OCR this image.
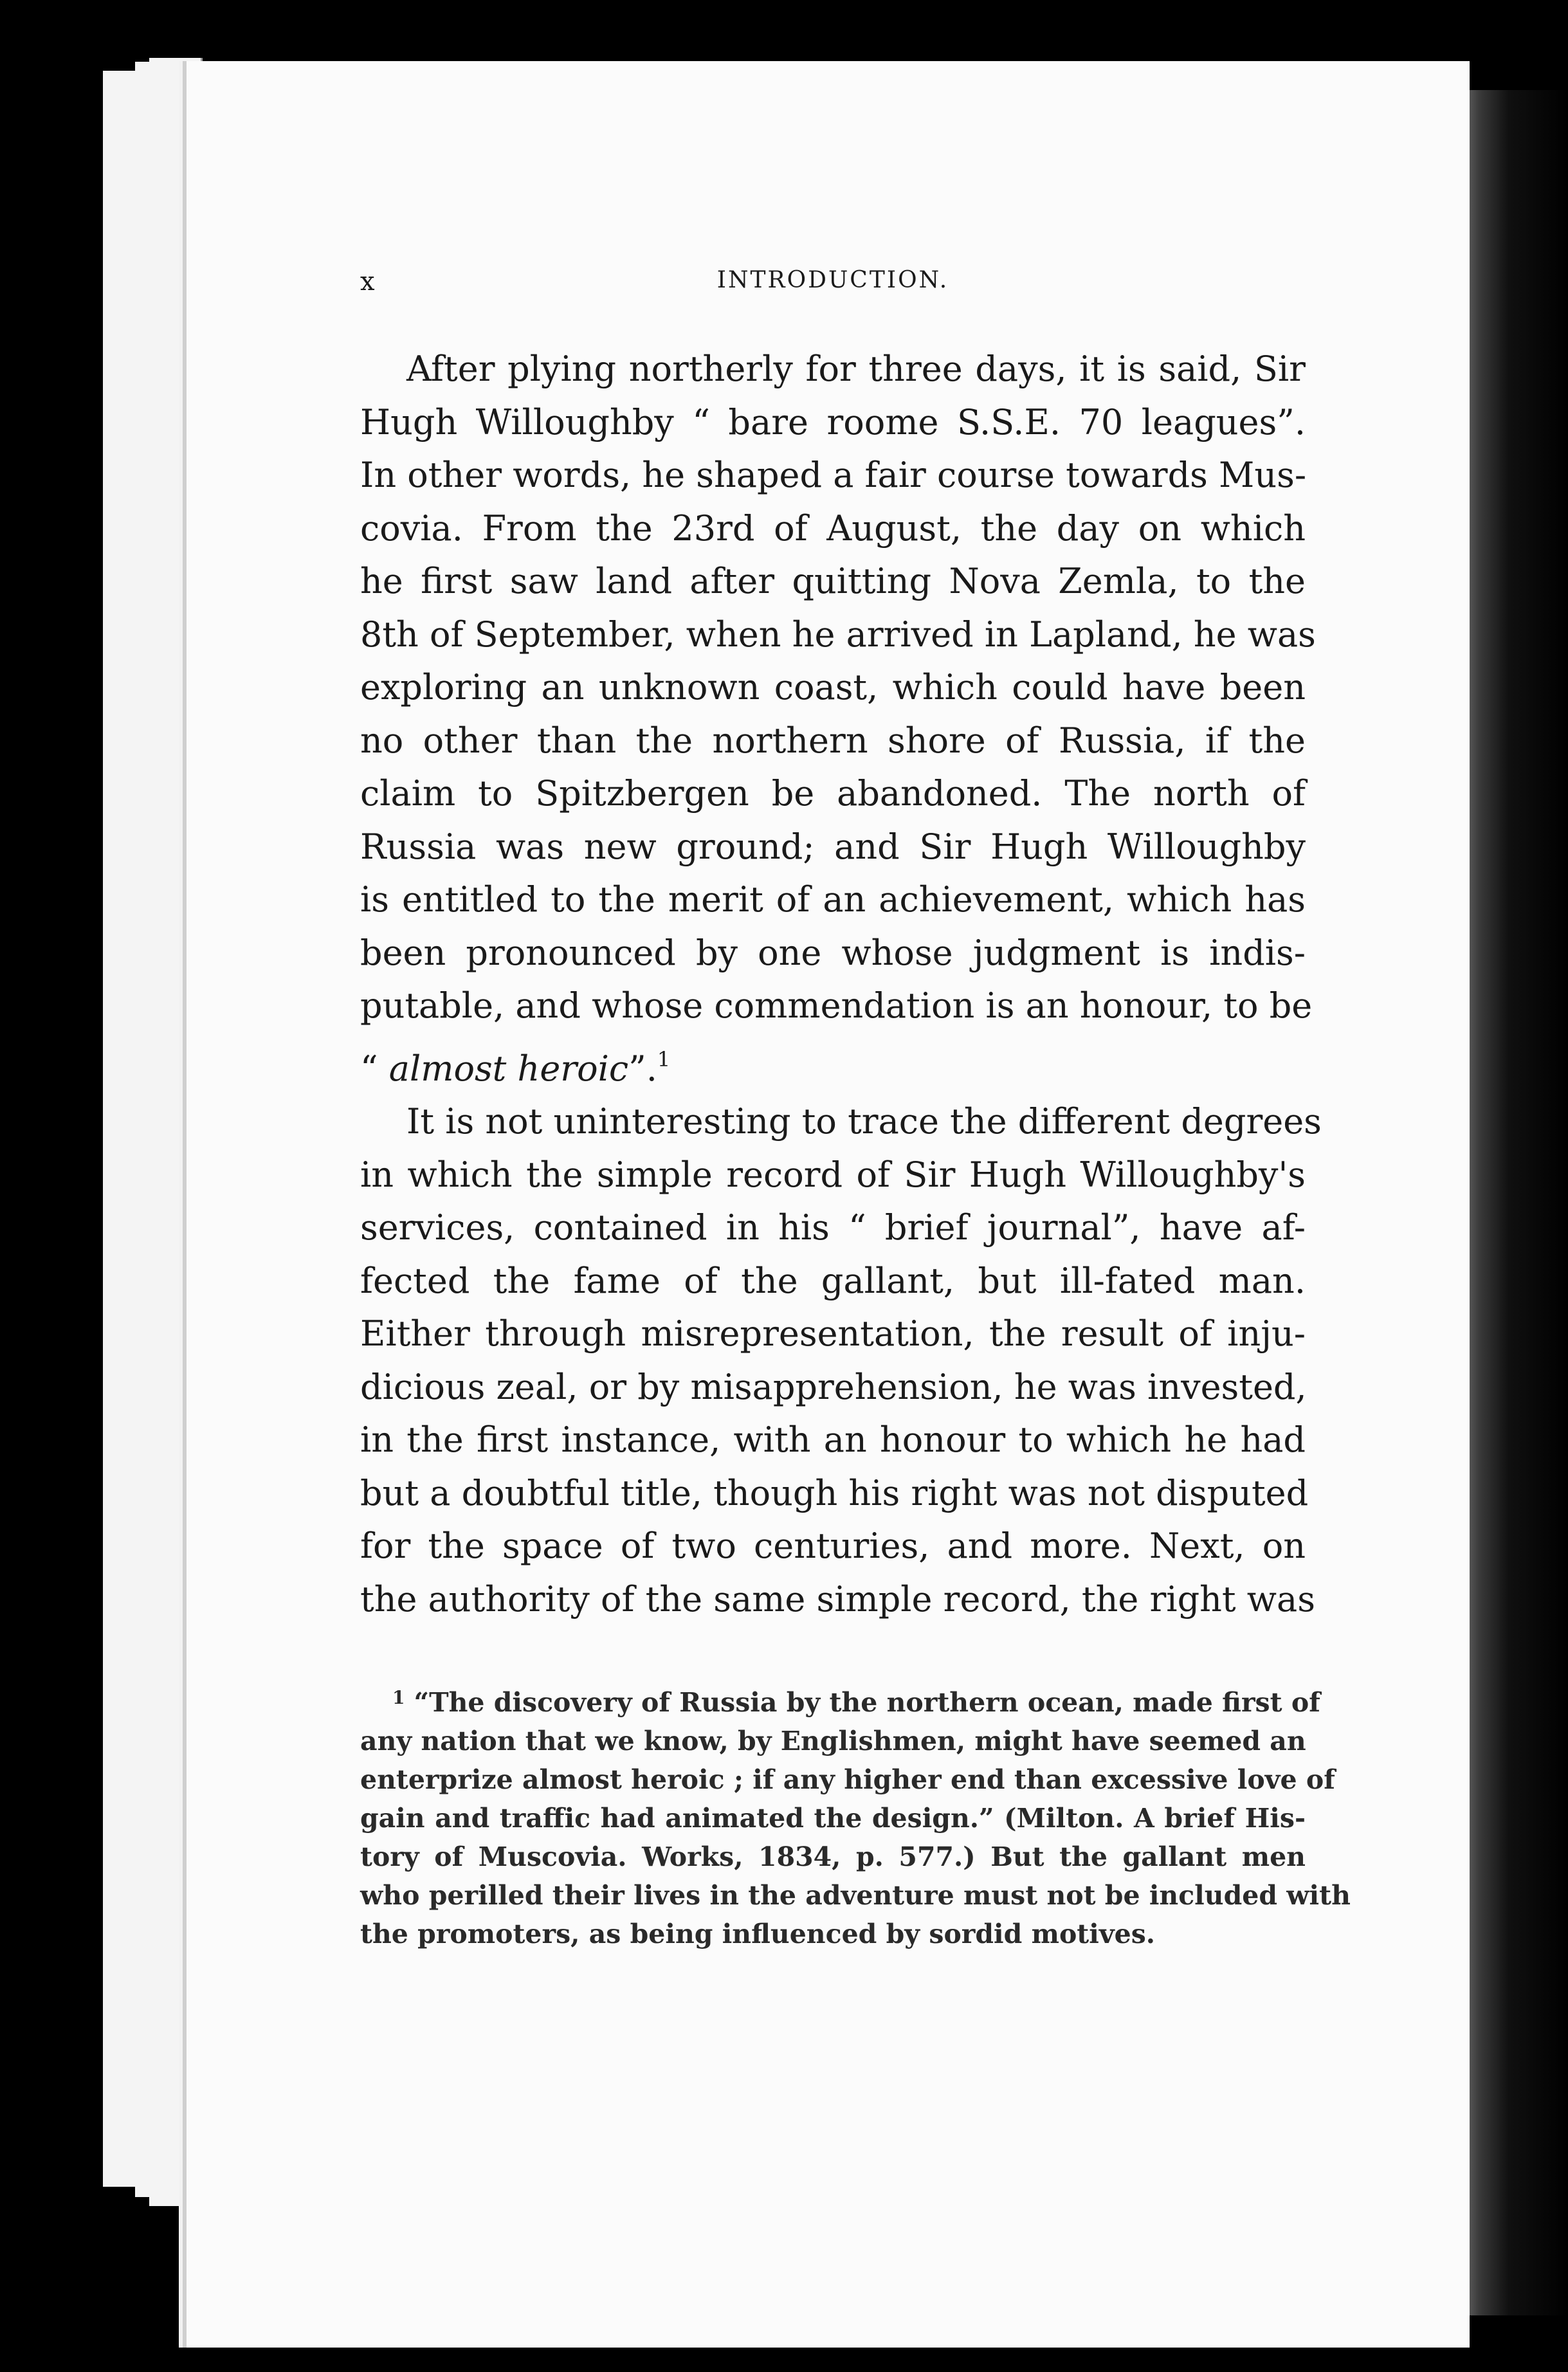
x	INTRODUCTION.

After plying northerly for three days, it is said, Sir
Hugh Willoughby “ bare roome S.S.E. 70 leagues”.
In other words, he shaped a fair course towards Mus-
covia. From the 23rd of August, the day on which
he first saw land after quitting Nova Zemla, to the
8th of September, when he arrived in Lapland, he was
exploring an unknown coast, which could have been
no other than the northern shore of Russia, if the
claim to Spitzbergen be abandoned. The north of
Russia was new ground; and Sir Hugh Willoughby
is entitled to the merit of an achievement, which has
been pronounced by one whose judgment is indis-
putable, and whose commendation is an honour, to be
“ almost heroic”.$^1$

It is not uninteresting to trace the different degrees
in which the simple record of Sir Hugh Willoughby's
services, contained in his “ brief journal”, have af-
fected the fame of the gallant, but ill-fated man.
Either through misrepresentation, the result of inju-
dicious zeal, or by misapprehension, he was invested,
in the first instance, with an honour to which he had
but a doubtful title, though his right was not disputed
for the space of two centuries, and more. Next, on
the authority of the same simple record, the right was

$^1$ “The discovery of Russia by the northern ocean, made first of
any nation that we know, by Englishmen, might have seemed an
enterprize almost heroic ; if any higher end than excessive love of
gain and traffic had animated the design.” (Milton. A brief His-
tory of Muscovia. Works, 1834, p. 577.) But the gallant men
who perilled their lives in the adventure must not be included with
the promoters, as being influenced by sordid motives.
